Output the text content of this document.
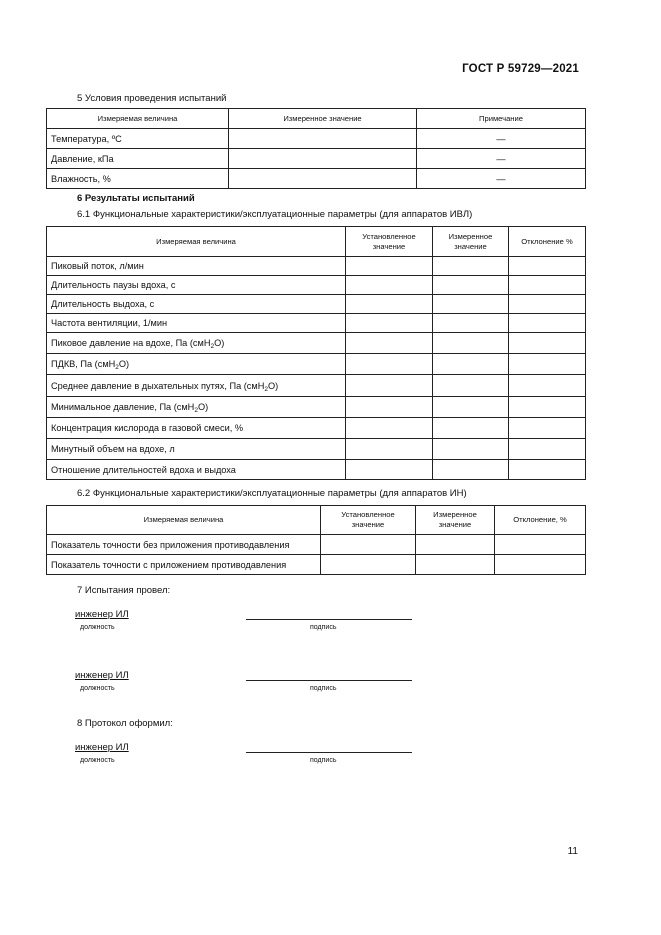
ГОСТ Р 59729—2021
5 Условия проведения испытаний
Измеряемая величина	Измеренное значение	Примечание
Температура, ºС		—
Давление, кПа		—
Влажность, %		—
6 Результаты испытаний
6.1 Функциональные характеристики/эксплуатационные параметры (для аппаратов ИВЛ)
Измеряемая величина	Установленное значение	Измеренное значение	Отклонение %
Пиковый поток, л/мин			
Длительность паузы вдоха, с			
Длительность выдоха, с			
Частота вентиляции, 1/мин			
Пиковое давление на вдохе, Па (смН$_2$О)			
ПДКВ, Па (смН$_2$О)			
Среднее давление в дыхательных путях, Па (смН$_2$О)			
Минимальное давление, Па (смН$_2$О)			
Концентрация кислорода в газовой смеси, %			
Минутный объем на вдохе, л			
Отношение длительностей вдоха и выдоха			
6.2 Функциональные характеристики/эксплуатационные параметры (для аппаратов ИН)
Измеряемая величина	Установленное значение	Измеренное значение	Отклонение, %
Показатель точности без приложения противодавления			
Показатель точности с приложением противодавления			
7 Испытания провел:
инженер ИЛ
должность	подпись
инженер ИЛ
должность	подпись
8 Протокол оформил:
инженер ИЛ
должность	подпись
11
